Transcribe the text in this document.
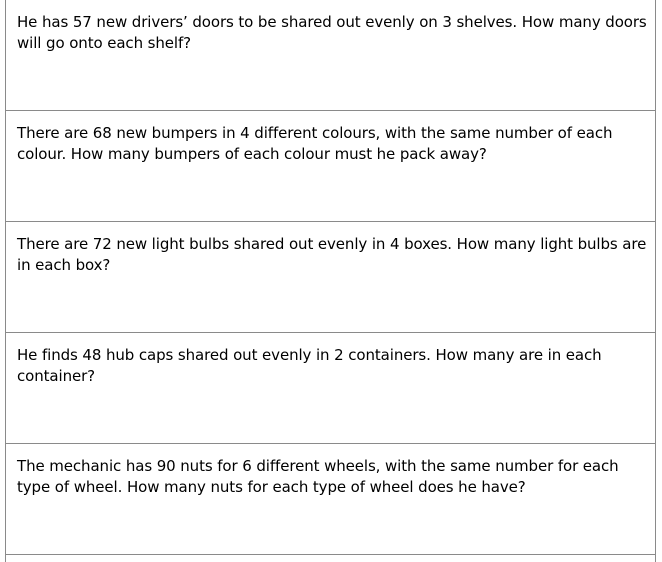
He has 57 new drivers’ doors to be shared out evenly on 3 shelves. How many doors will go onto each shelf?

There are 68 new bumpers in 4 different colours, with the same number of each colour. How many bumpers of each colour must he pack away?

There are 72 new light bulbs shared out evenly in 4 boxes. How many light bulbs are in each box?

He finds 48 hub caps shared out evenly in 2 containers. How many are in each container?

The mechanic has 90 nuts for 6 different wheels, with the same number for each type of wheel. How many nuts for each type of wheel does he have?
